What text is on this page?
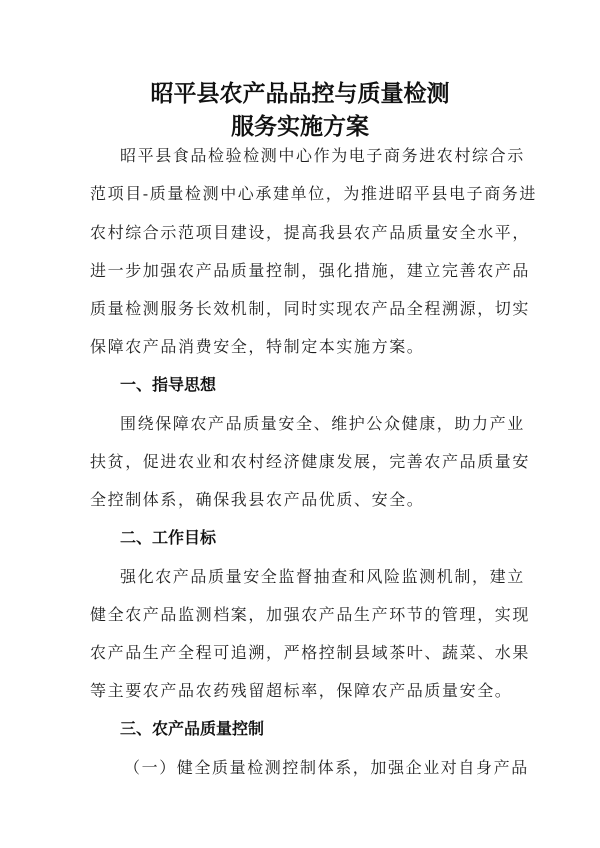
昭平县农产品品控与质量检测
服务实施方案
昭平县食品检验检测中心作为电子商务进农村综合示
范项目-质量检测中心承建单位，为推进昭平县电子商务进
农村综合示范项目建设，提高我县农产品质量安全水平，
进一步加强农产品质量控制，强化措施，建立完善农产品
质量检测服务长效机制，同时实现农产品全程溯源，切实
保障农产品消费安全，特制定本实施方案。
一、指导思想
围绕保障农产品质量安全、维护公众健康，助力产业
扶贫，促进农业和农村经济健康发展，完善农产品质量安
全控制体系，确保我县农产品优质、安全。
二、工作目标
强化农产品质量安全监督抽查和风险监测机制，建立
健全农产品监测档案，加强农产品生产环节的管理，实现
农产品生产全程可追溯，严格控制县域茶叶、蔬菜、水果
等主要农产品农药残留超标率，保障农产品质量安全。
三、农产品质量控制
（一）健全质量检测控制体系，加强企业对自身产品
